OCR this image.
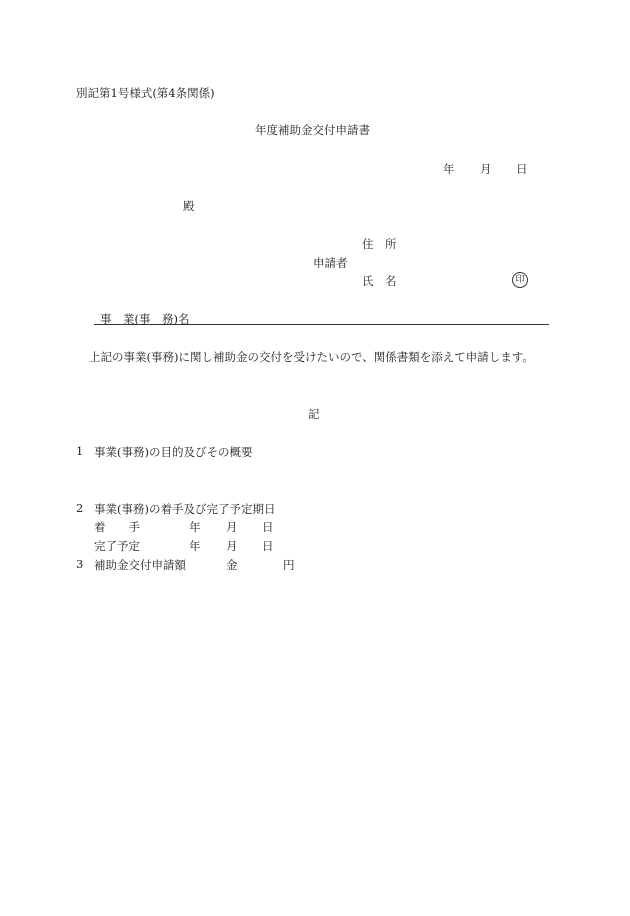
別記第1号様式(第4条関係)
年度補助金交付申請書
年 月 日
殿
住　所
申請者
氏　名	印
事　業(事　務)名
上記の事業(事務)に関し補助金の交付を受けたいので、関係書類を添えて申請します。
記
1 事業(事務)の目的及びその概要
2 事業(事務)の着手及び完了予定期日
着　　手	年 月 日
完了予定	年 月 日
3 補助金交付申請額	金	円
